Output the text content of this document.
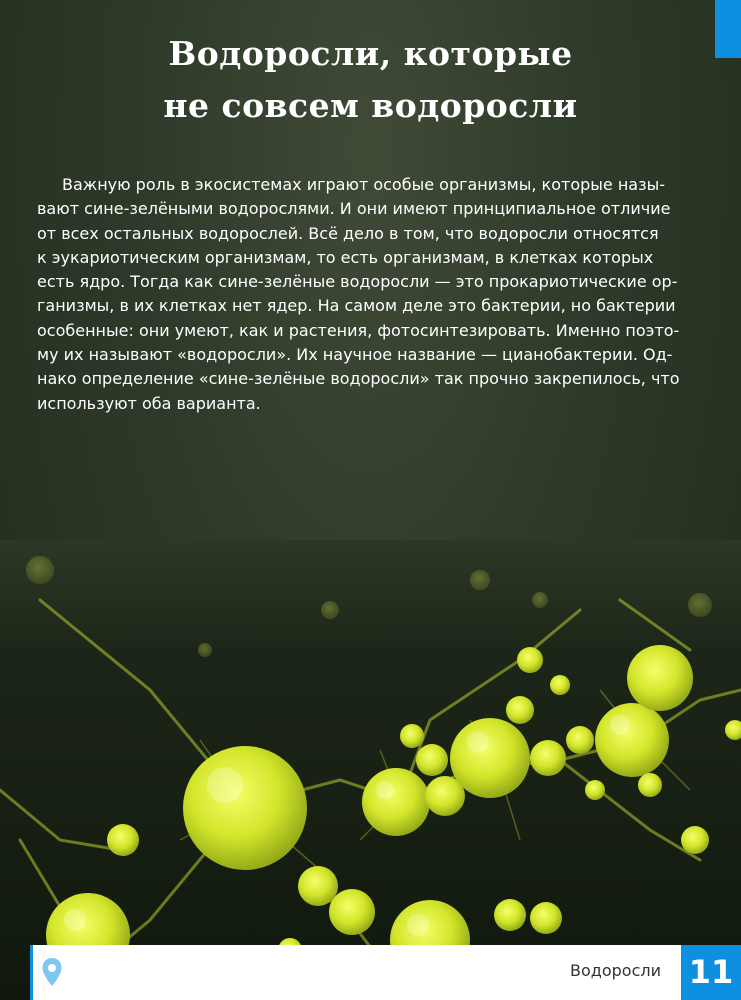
Водоросли, которые
не совсем водоросли

Важную роль в экосистемах играют особые организмы, которые назы-
вают сине-зелёными водорослями. И они имеют принципиальное отличие
от всех остальных водорослей. Всё дело в том, что водоросли относятся
к эукариотическим организмам, то есть организмам, в клетках которых
есть ядро. Тогда как сине-зелёные водоросли — это прокариотические ор-
ганизмы, в их клетках нет ядер. На самом деле это бактерии, но бактерии
особенные: они умеют, как и растения, фотосинтезировать. Именно поэто-
му их называют «водоросли». Их научное название — цианобактерии. Од-
нако определение «сине-зелёные водоросли» так прочно закрепилось, что
используют оба варианта.

Водоросли 11
